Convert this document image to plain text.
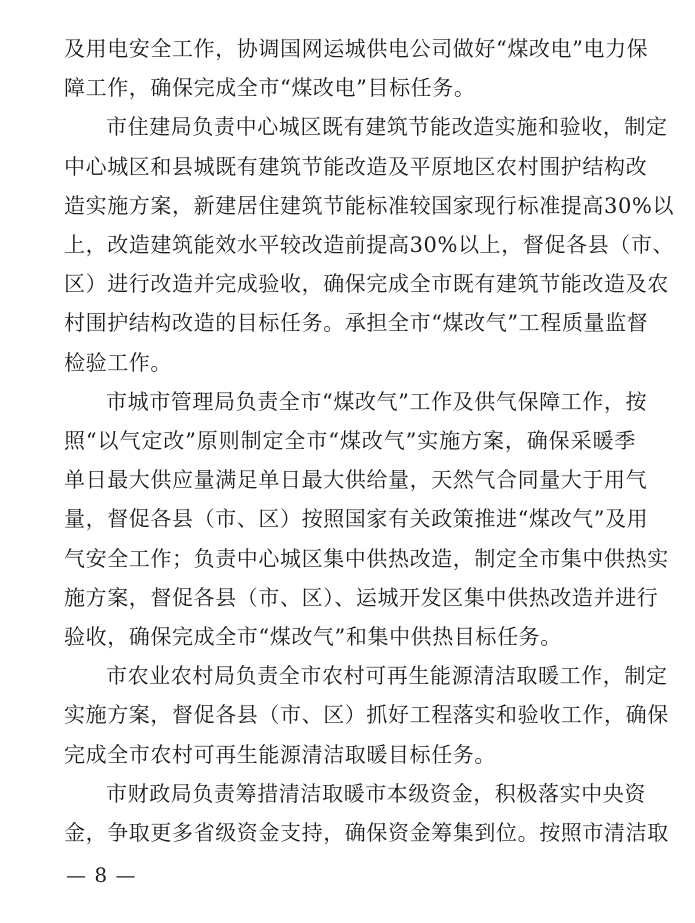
及用电安全工作，协调国网运城供电公司做好“煤改电”电力保
障工作，确保完成全市“煤改电”目标任务。
市住建局负责中心城区既有建筑节能改造实施和验收，制定
中心城区和县城既有建筑节能改造及平原地区农村围护结构改
造实施方案，新建居住建筑节能标准较国家现行标准提高30%以
上，改造建筑能效水平较改造前提高30%以上，督促各县（市、
区）进行改造并完成验收，确保完成全市既有建筑节能改造及农
村围护结构改造的目标任务。承担全市“煤改气”工程质量监督
检验工作。
市城市管理局负责全市“煤改气”工作及供气保障工作，按
照“以气定改”原则制定全市“煤改气”实施方案，确保采暖季
单日最大供应量满足单日最大供给量，天然气合同量大于用气
量，督促各县（市、区）按照国家有关政策推进“煤改气”及用
气安全工作；负责中心城区集中供热改造，制定全市集中供热实
施方案，督促各县（市、区）、运城开发区集中供热改造并进行
验收，确保完成全市“煤改气”和集中供热目标任务。
市农业农村局负责全市农村可再生能源清洁取暖工作，制定
实施方案，督促各县（市、区）抓好工程落实和验收工作，确保
完成全市农村可再生能源清洁取暖目标任务。
市财政局负责筹措清洁取暖市本级资金，积极落实中央资
金，争取更多省级资金支持，确保资金筹集到位。按照市清洁取
— 8 —
